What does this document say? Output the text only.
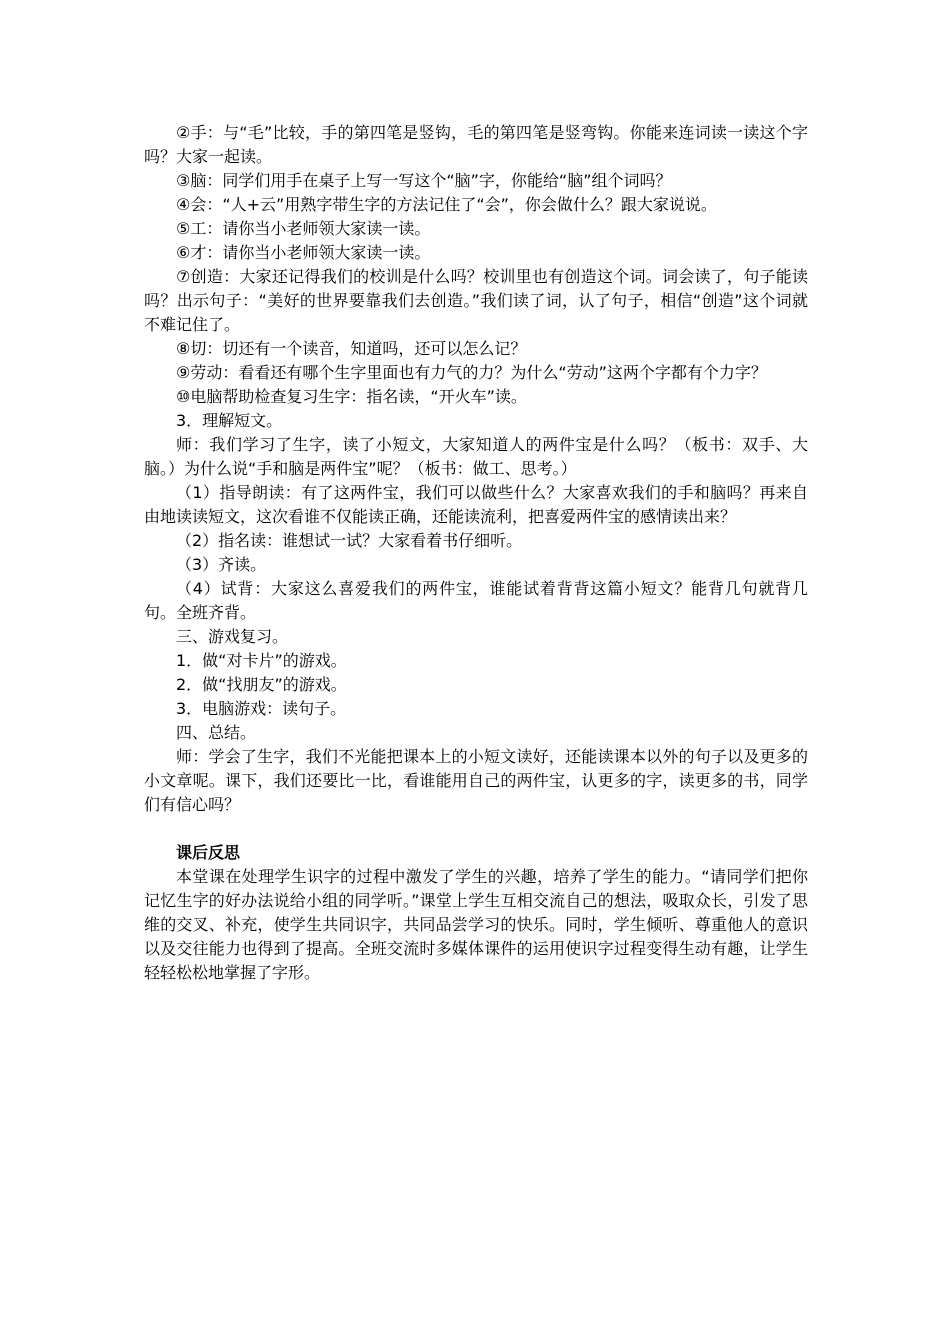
②手：与“毛”比较，手的第四笔是竖钩，毛的第四笔是竖弯钩。你能来连词读一读这个字吗？大家一起读。

③脑：同学们用手在桌子上写一写这个“脑”字，你能给“脑”组个词吗？

④会：“人+云”用熟字带生字的方法记住了“会”，你会做什么？跟大家说说。

⑤工：请你当小老师领大家读一读。

⑥才：请你当小老师领大家读一读。

⑦创造：大家还记得我们的校训是什么吗？校训里也有创造这个词。词会读了，句子能读吗？出示句子：“美好的世界要靠我们去创造。”我们读了词，认了句子，相信“创造”这个词就不难记住了。

⑧切：切还有一个读音，知道吗，还可以怎么记？

⑨劳动：看看还有哪个生字里面也有力气的力？为什么“劳动”这两个字都有个力字？

⑩电脑帮助检查复习生字：指名读，“开火车”读。

3．理解短文。

师：我们学习了生字，读了小短文，大家知道人的两件宝是什么吗？（板书：双手、大脑。）为什么说“手和脑是两件宝”呢？（板书：做工、思考。）

（1）指导朗读：有了这两件宝，我们可以做些什么？大家喜欢我们的手和脑吗？再来自由地读读短文，这次看谁不仅能读正确，还能读流利，把喜爱两件宝的感情读出来？

（2）指名读：谁想试一试？大家看着书仔细听。

（3）齐读。

（4）试背：大家这么喜爱我们的两件宝，谁能试着背背这篇小短文？能背几句就背几句。全班齐背。

三、游戏复习。

1．做“对卡片”的游戏。

2．做“找朋友”的游戏。

3．电脑游戏：读句子。

四、总结。

师：学会了生字，我们不光能把课本上的小短文读好，还能读课本以外的句子以及更多的小文章呢。课下，我们还要比一比，看谁能用自己的两件宝，认更多的字，读更多的书，同学们有信心吗？

课后反思

本堂课在处理学生识字的过程中激发了学生的兴趣，培养了学生的能力。“请同学们把你记忆生字的好办法说给小组的同学听。”课堂上学生互相交流自己的想法，吸取众长，引发了思维的交叉、补充，使学生共同识字，共同品尝学习的快乐。同时，学生倾听、尊重他人的意识以及交往能力也得到了提高。全班交流时多媒体课件的运用使识字过程变得生动有趣，让学生轻轻松松地掌握了字形。
